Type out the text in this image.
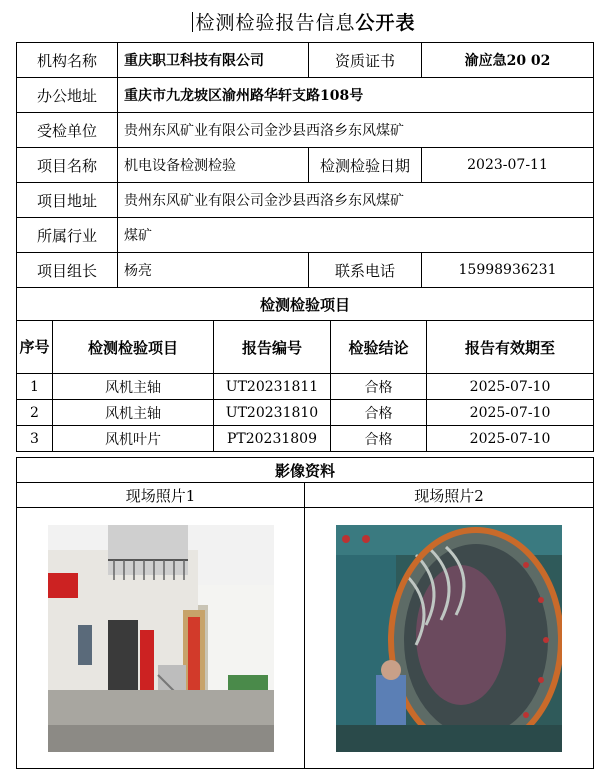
检测检验报告信息公开表
机构名称	重庆职卫科技有限公司	资质证书	渝应急20 02
办公地址	重庆市九龙坡区渝州路华轩支路108号		
受检单位	贵州东风矿业有限公司金沙县西洛乡东风煤矿		
项目名称	机电设备检测检验	检测检验日期	2023-07-11
项目地址	贵州东风矿业有限公司金沙县西洛乡东风煤矿		
所属行业	煤矿		
项目组长	杨亮	联系电话	15998936231
检测检验项目				
序号	检测检验项目	报告编号	检验结论	报告有效期至
1	风机主轴	UT20231811	合格	2025-07-10
2	风机主轴	UT20231810	合格	2025-07-10
3	风机叶片	PT20231809	合格	2025-07-10
影像资料	
现场照片1	现场照片2
